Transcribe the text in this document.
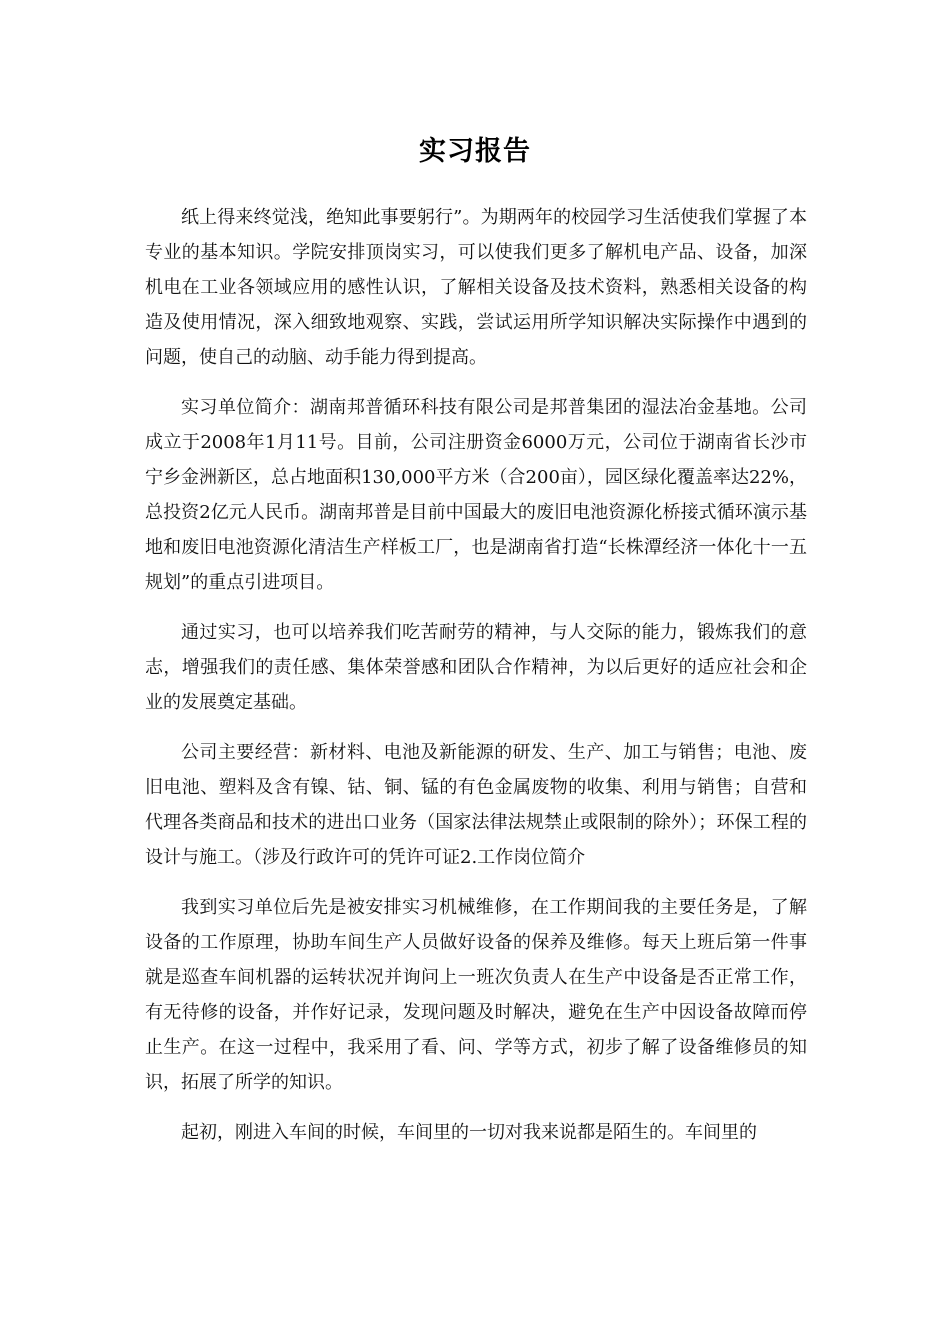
实习报告

纸上得来终觉浅，绝知此事要躬行”。为期两年的校园学习生活使我们掌握了本专业的基本知识。学院安排顶岗实习，可以使我们更多了解机电产品、设备，加深机电在工业各领域应用的感性认识，了解相关设备及技术资料，熟悉相关设备的构造及使用情况，深入细致地观察、实践，尝试运用所学知识解决实际操作中遇到的问题，使自己的动脑、动手能力得到提高。

实习单位简介：湖南邦普循环科技有限公司是邦普集团的湿法冶金基地。公司成立于2008年1月11号。目前，公司注册资金6000万元，公司位于湖南省长沙市宁乡金洲新区，总占地面积130,000平方米（合200亩），园区绿化覆盖率达22%，总投资2亿元人民币。湖南邦普是目前中国最大的废旧电池资源化桥接式循环演示基地和废旧电池资源化清洁生产样板工厂，也是湖南省打造“长株潭经济一体化十一五规划”的重点引进项目。

通过实习，也可以培养我们吃苦耐劳的精神，与人交际的能力，锻炼我们的意志，增强我们的责任感、集体荣誉感和团队合作精神，为以后更好的适应社会和企业的发展奠定基础。

公司主要经营：新材料、电池及新能源的研发、生产、加工与销售；电池、废旧电池、塑料及含有镍、钴、铜、锰的有色金属废物的收集、利用与销售；自营和代理各类商品和技术的进出口业务（国家法律法规禁止或限制的除外）；环保工程的设计与施工。（涉及行政许可的凭许可证2.工作岗位简介

我到实习单位后先是被安排实习机械维修，在工作期间我的主要任务是，了解设备的工作原理，协助车间生产人员做好设备的保养及维修。每天上班后第一件事就是巡查车间机器的运转状况并询问上一班次负责人在生产中设备是否正常工作，有无待修的设备，并作好记录，发现问题及时解决，避免在生产中因设备故障而停止生产。在这一过程中，我采用了看、问、学等方式，初步了解了设备维修员的知识，拓展了所学的知识。

起初，刚进入车间的时候，车间里的一切对我来说都是陌生的。车间里的
